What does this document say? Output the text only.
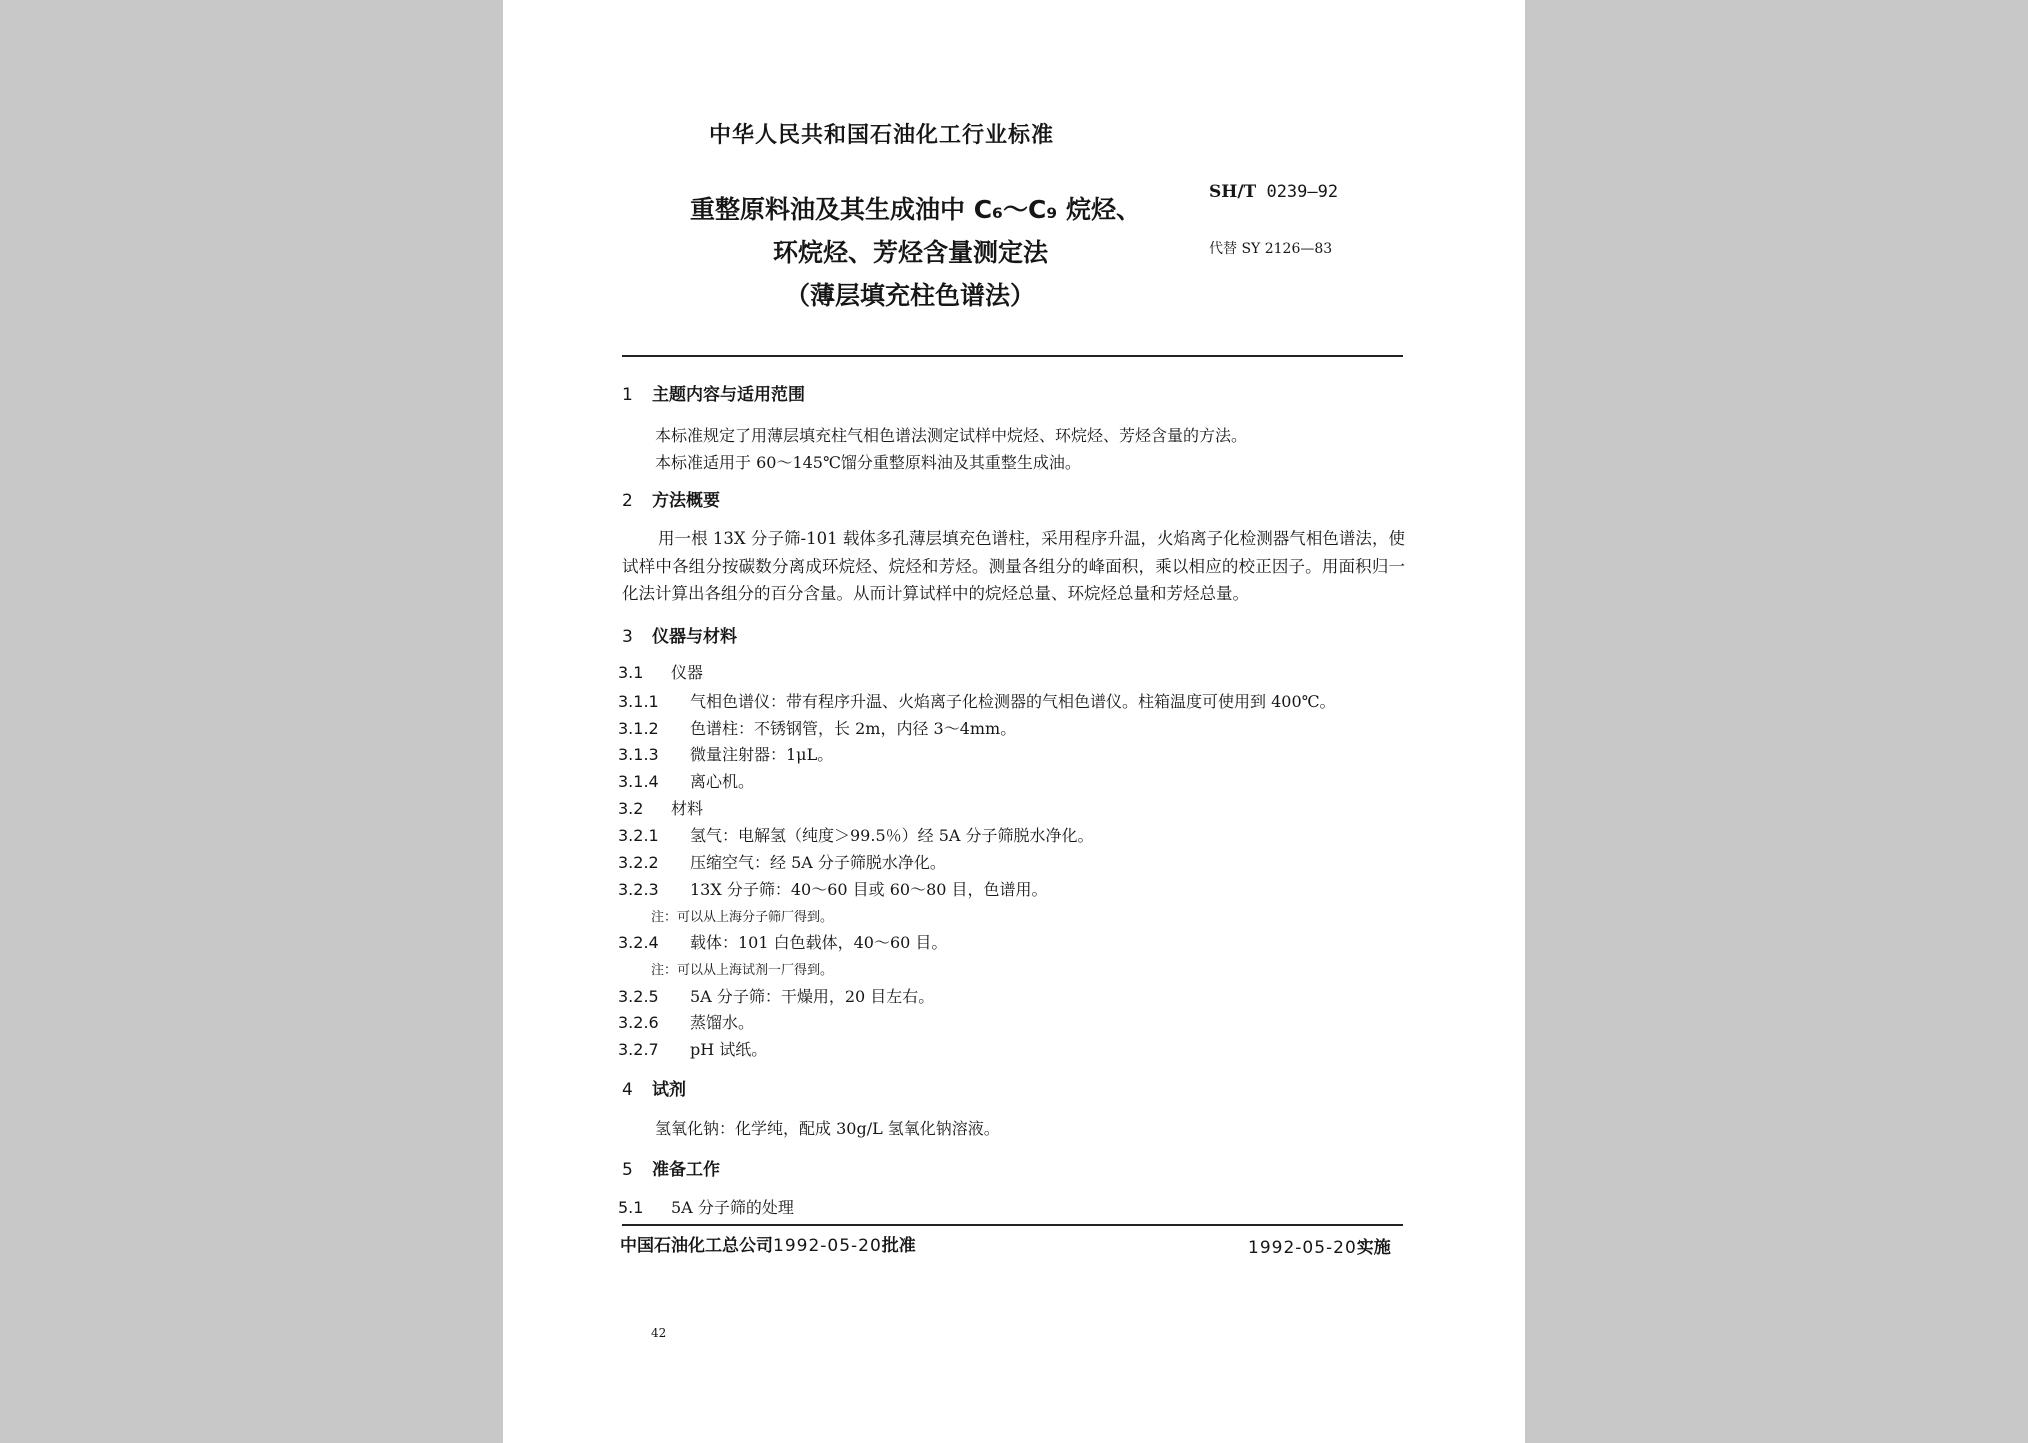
中华人民共和国石油化工行业标准
重整原料油及其生成油中 C₆～C₉ 烷烃、
环烷烃、芳烃含量测定法
（薄层填充柱色谱法）
SH/T 0239—92
代替 SY 2126—83
1 主题内容与适用范围
本标准规定了用薄层填充柱气相色谱法测定试样中烷烃、环烷烃、芳烃含量的方法。
本标准适用于 60～145℃馏分重整原料油及其重整生成油。
2 方法概要
用一根 13X 分子筛-101 载体多孔薄层填充色谱柱，采用程序升温，火焰离子化检测器气相色谱法，使试样中各组分按碳数分离成环烷烃、烷烃和芳烃。测量各组分的峰面积，乘以相应的校正因子。用面积归一化法计算出各组分的百分含量。从而计算试样中的烷烃总量、环烷烃总量和芳烃总量。
3 仪器与材料
3.1 仪器
3.1.1 气相色谱仪：带有程序升温、火焰离子化检测器的气相色谱仪。柱箱温度可使用到 400℃。
3.1.2 色谱柱：不锈钢管，长 2m，内径 3～4mm。
3.1.3 微量注射器：1μL。
3.1.4 离心机。
3.2 材料
3.2.1 氢气：电解氢（纯度＞99.5％）经 5A 分子筛脱水净化。
3.2.2 压缩空气：经 5A 分子筛脱水净化。
3.2.3 13X 分子筛：40～60 目或 60～80 目，色谱用。
注：可以从上海分子筛厂得到。
3.2.4 载体：101 白色载体，40～60 目。
注：可以从上海试剂一厂得到。
3.2.5 5A 分子筛：干燥用，20 目左右。
3.2.6 蒸馏水。
3.2.7 pH 试纸。
4 试剂
氢氧化钠：化学纯，配成 30g/L 氢氧化钠溶液。
5 准备工作
5.1 5A 分子筛的处理
中国石油化工总公司1992-05-20批准	1992-05-20实施
42
